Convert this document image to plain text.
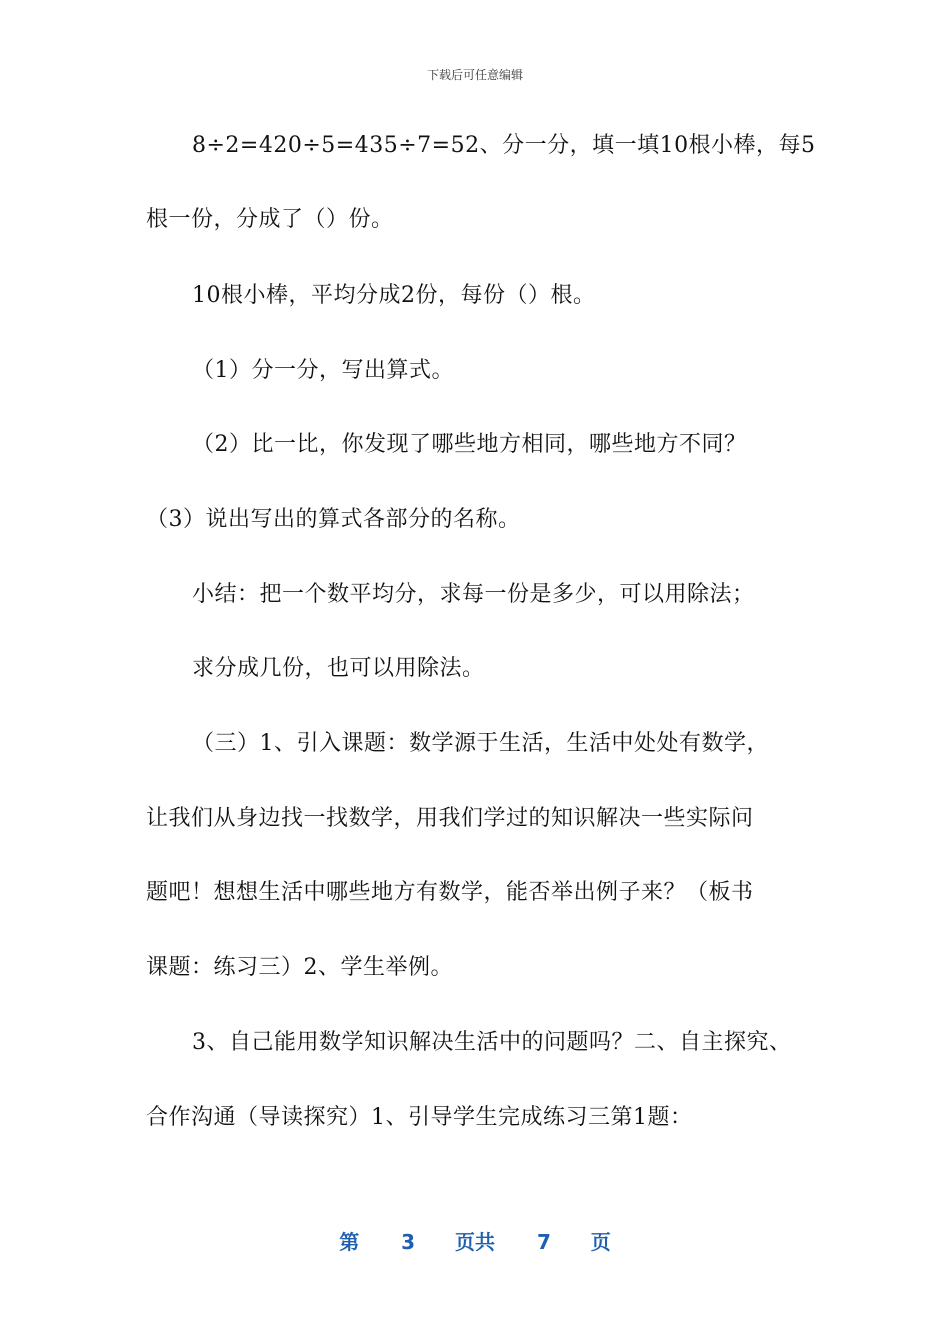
下载后可任意编辑
8÷2=420÷5=435÷7=52、分一分，填一填10根小棒，每5
根一份，分成了（）份。
10根小棒，平均分成2份，每份（）根。
（1）分一分，写出算式。
（2）比一比，你发现了哪些地方相同，哪些地方不同？
（3）说出写出的算式各部分的名称。
小结：把一个数平均分，求每一份是多少，可以用除法；
求分成几份，也可以用除法。
（三）1、引入课题：数学源于生活，生活中处处有数学，
让我们从身边找一找数学，用我们学过的知识解决一些实际问
题吧！想想生活中哪些地方有数学，能否举出例子来？（板书
课题：练习三）2、学生举例。
3、自己能用数学知识解决生活中的问题吗？二、自主探究、
合作沟通（导读探究）1、引导学生完成练习三第1题：
第 3 页共 7 页
